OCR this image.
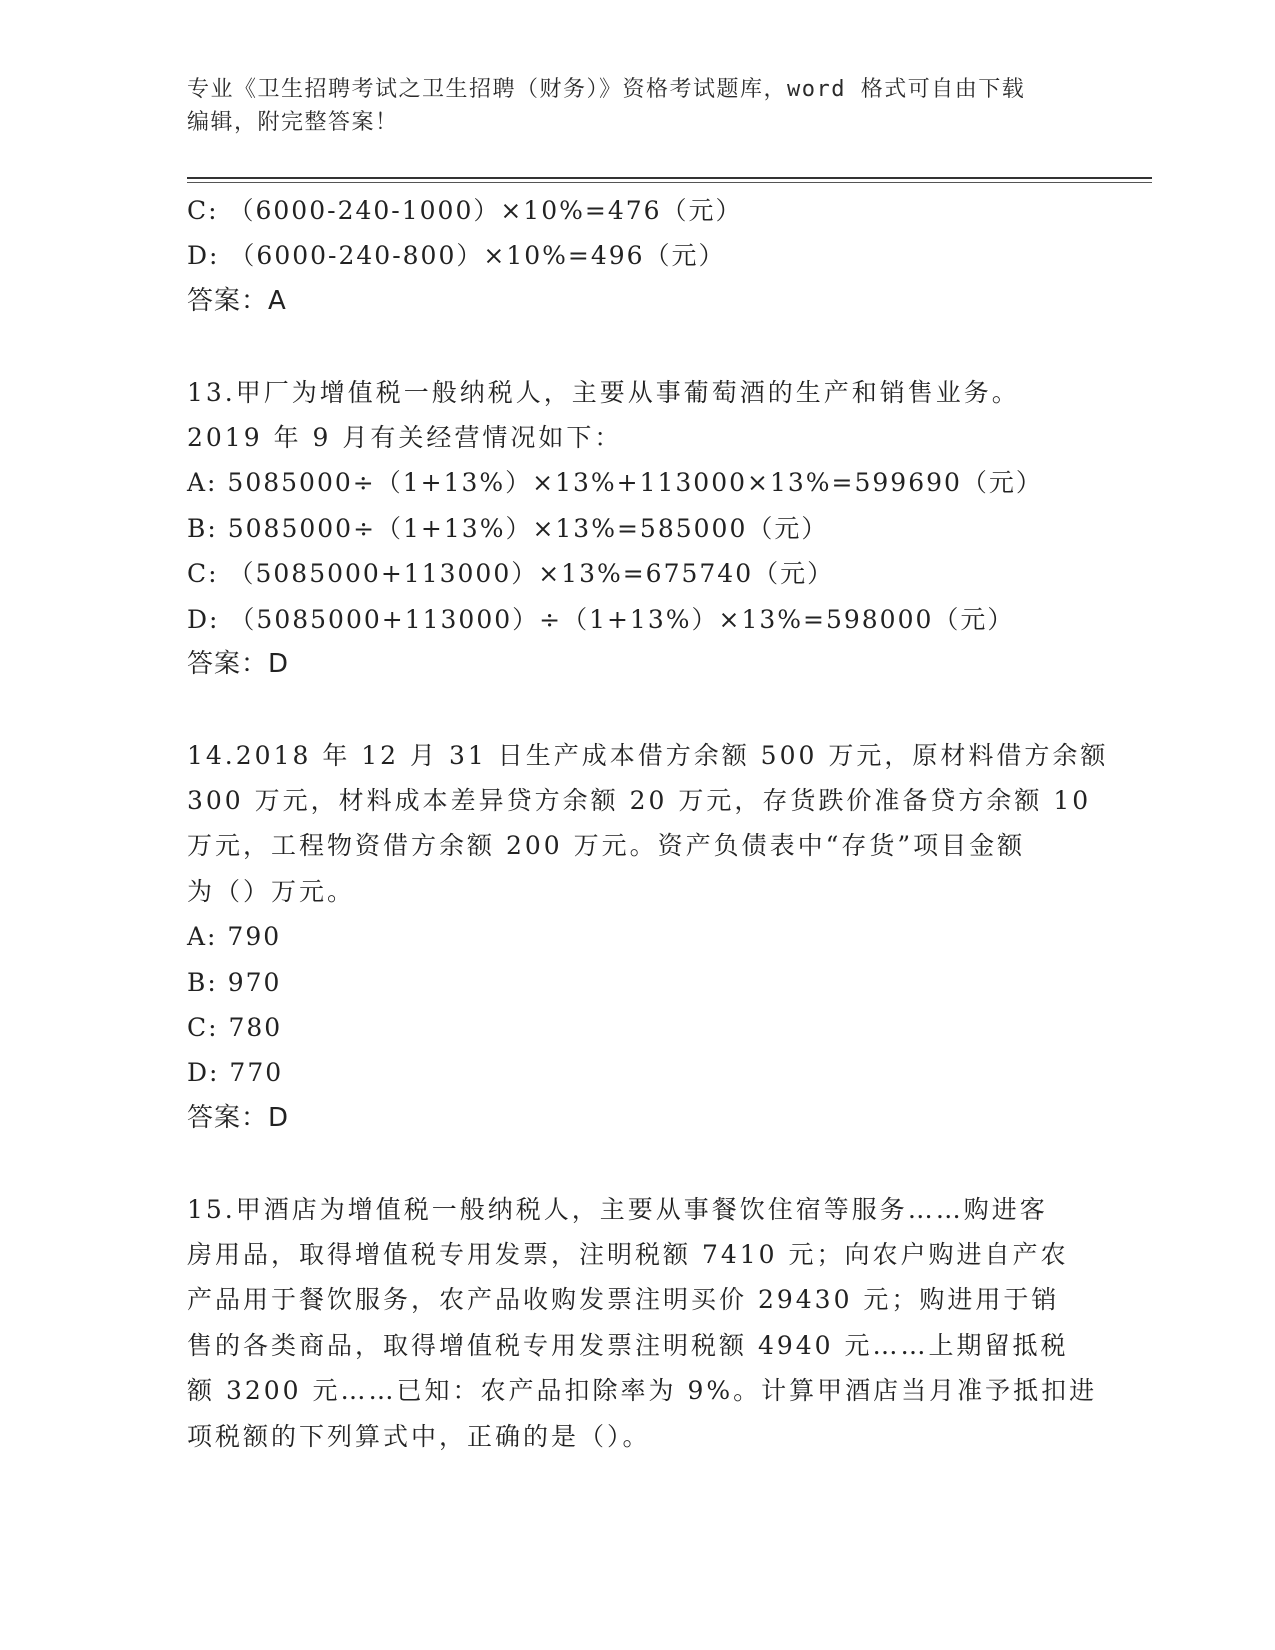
专业《卫生招聘考试之卫生招聘（财务）》资格考试题库，word 格式可自由下载
编辑，附完整答案！
C: （6000-240-1000）×10%=476（元）
D: （6000-240-800）×10%=496（元）
答案：A
13.甲厂为增值税一般纳税人，主要从事葡萄酒的生产和销售业务。
2019 年 9 月有关经营情况如下：
A: 5085000÷（1+13%）×13%+113000×13%=599690（元）
B: 5085000÷（1+13%）×13%=585000（元）
C: （5085000+113000）×13%=675740（元）
D: （5085000+113000）÷（1+13%）×13%=598000（元）
答案：D
14.2018 年 12 月 31 日生产成本借方余额 500 万元，原材料借方余额
300 万元，材料成本差异贷方余额 20 万元，存货跌价准备贷方余额 10
万元，工程物资借方余额 200 万元。资产负债表中“存货”项目金额
为（）万元。
A: 790
B: 970
C: 780
D: 770
答案：D
15.甲酒店为增值税一般纳税人，主要从事餐饮住宿等服务……购进客
房用品，取得增值税专用发票，注明税额 7410 元；向农户购进自产农
产品用于餐饮服务，农产品收购发票注明买价 29430 元；购进用于销
售的各类商品，取得增值税专用发票注明税额 4940 元……上期留抵税
额 3200 元……已知：农产品扣除率为 9%。计算甲酒店当月准予抵扣进
项税额的下列算式中，正确的是（）。
